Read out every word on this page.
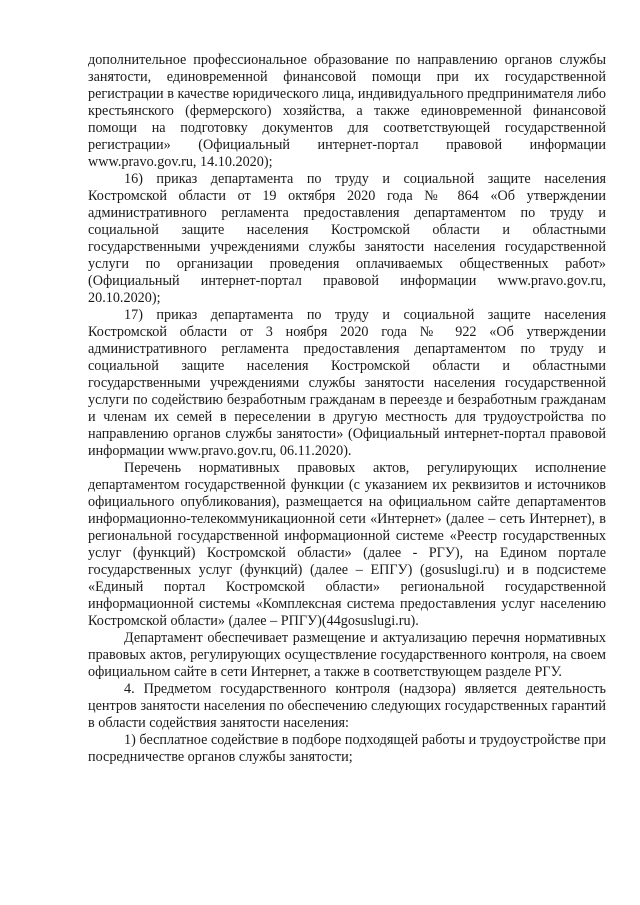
дополнительное профессиональное образование по направлению органов службы занятости, единовременной финансовой помощи при их государственной регистрации в качестве юридического лица, индивидуального предпринимателя либо крестьянского (фермерского) хозяйства, а также единовременной финансовой помощи на подготовку документов для соответствующей государственной регистрации» (Официальный интернет-портал правовой информации www.pravo.gov.ru, 14.10.2020);

16) приказ департамента по труду и социальной защите населения Костромской области от 19 октября 2020 года № 864 «Об утверждении административного регламента предоставления департаментом по труду и социальной защите населения Костромской области и областными государственными учреждениями службы занятости населения государственной услуги по организации проведения оплачиваемых общественных работ» (Официальный интернет-портал правовой информации www.pravo.gov.ru, 20.10.2020);

17) приказ департамента по труду и социальной защите населения Костромской области от 3 ноября 2020 года № 922 «Об утверждении административного регламента предоставления департаментом по труду и социальной защите населения Костромской области и областными государственными учреждениями службы занятости населения государственной услуги по содействию безработным гражданам в переезде и безработным гражданам и членам их семей в переселении в другую местность для трудоустройства по направлению органов службы занятости» (Официальный интернет-портал правовой информации www.pravo.gov.ru, 06.11.2020).

Перечень нормативных правовых актов, регулирующих исполнение департаментом государственной функции (с указанием их реквизитов и источников официального опубликования), размещается на официальном сайте департаментов информационно-телекоммуникационной сети «Интернет» (далее – сеть Интернет), в региональной государственной информационной системе «Реестр государственных услуг (функций) Костромской области» (далее - РГУ), на Едином портале государственных услуг (функций) (далее – ЕПГУ) (gosuslugi.ru) и в подсистеме «Единый портал Костромской области» региональной государственной информационной системы «Комплексная система предоставления услуг населению Костромской области» (далее – РПГУ)(44gosuslugi.ru).

Департамент обеспечивает размещение и актуализацию перечня нормативных правовых актов, регулирующих осуществление государственного контроля, на своем официальном сайте в сети Интернет, а также в соответствующем разделе РГУ.

4. Предметом государственного контроля (надзора) является деятельность центров занятости населения по обеспечению следующих государственных гарантий в области содействия занятости населения:

1) бесплатное содействие в подборе подходящей работы и трудоустройстве при посредничестве органов службы занятости;
